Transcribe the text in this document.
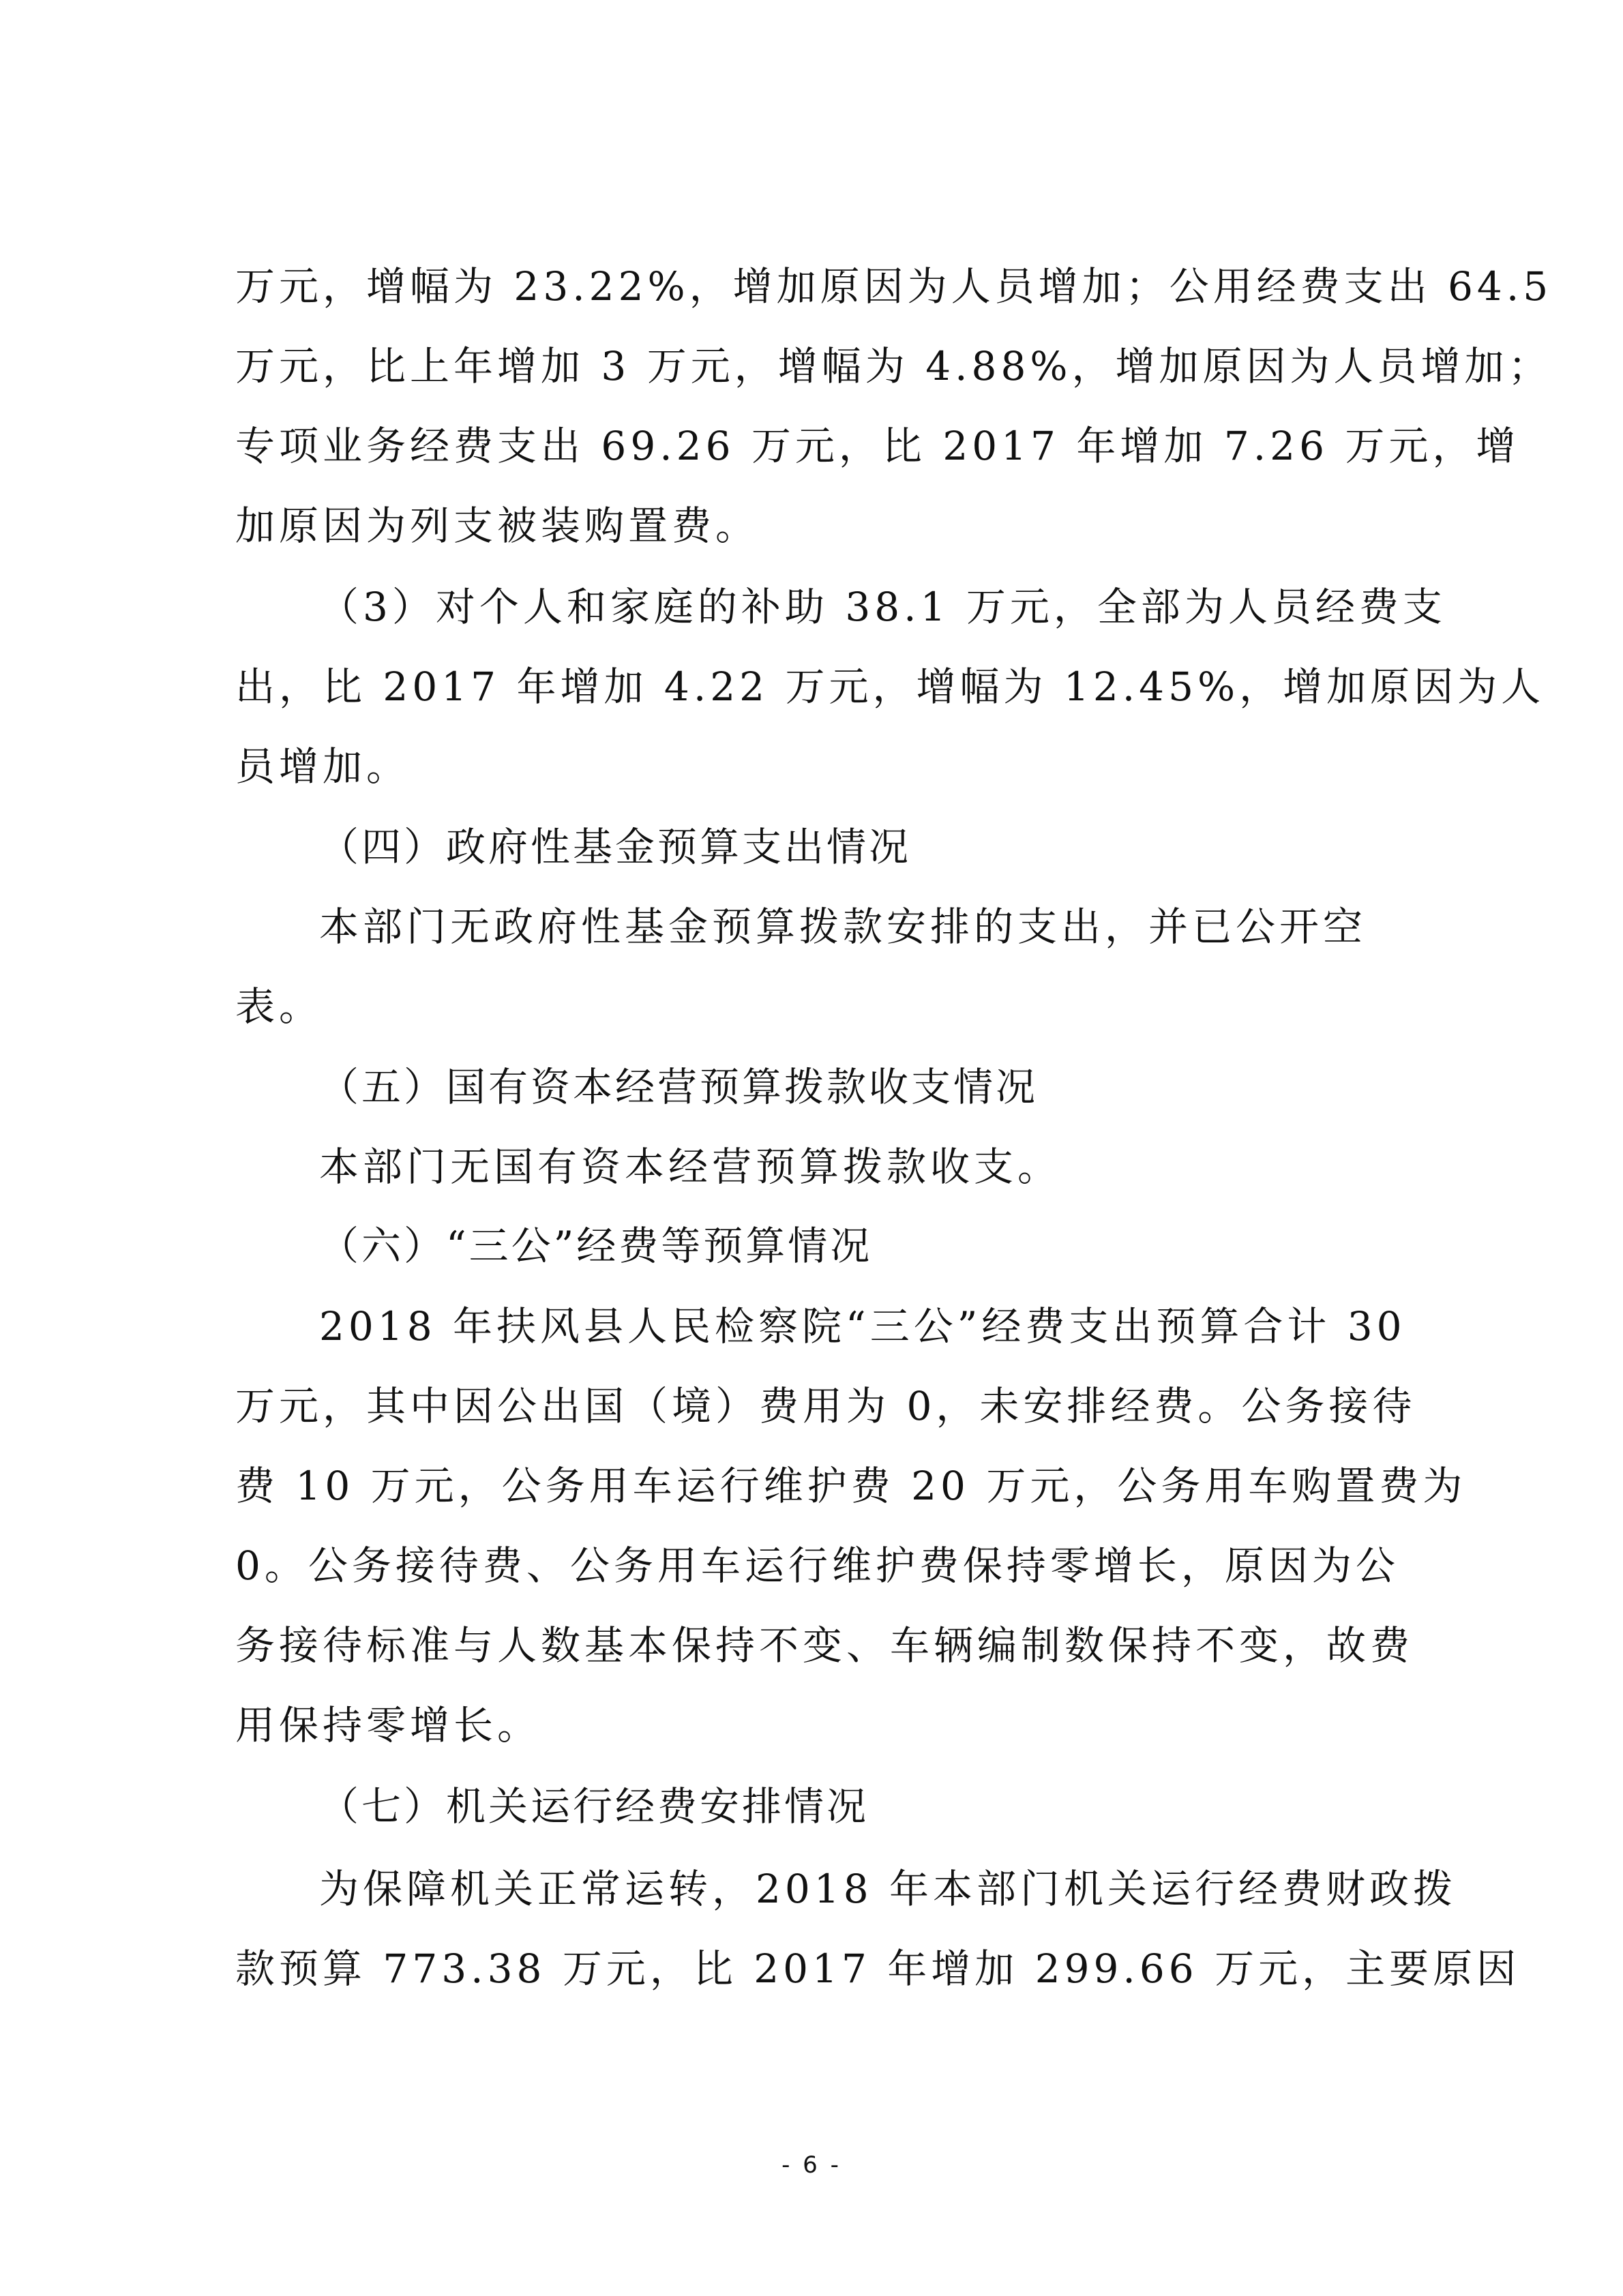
万元，增幅为 23.22%，增加原因为人员增加；公用经费支出 64.5
万元，比上年增加 3 万元，增幅为 4.88%，增加原因为人员增加；
专项业务经费支出 69.26 万元，比 2017 年增加 7.26 万元，增
加原因为列支被装购置费。
（3）对个人和家庭的补助 38.1 万元，全部为人员经费支
出，比 2017 年增加 4.22 万元，增幅为 12.45%，增加原因为人
员增加。
（四）政府性基金预算支出情况
本部门无政府性基金预算拨款安排的支出，并已公开空
表。
（五）国有资本经营预算拨款收支情况
本部门无国有资本经营预算拨款收支。
（六）“三公”经费等预算情况
2018 年扶风县人民检察院“三公”经费支出预算合计 30
万元，其中因公出国（境）费用为 0，未安排经费。公务接待
费 10 万元，公务用车运行维护费 20 万元，公务用车购置费为
0。公务接待费、公务用车运行维护费保持零增长，原因为公
务接待标准与人数基本保持不变、车辆编制数保持不变，故费
用保持零增长。
（七）机关运行经费安排情况
为保障机关正常运转，2018 年本部门机关运行经费财政拨
款预算 773.38 万元，比 2017 年增加 299.66 万元，主要原因
- 6 -
